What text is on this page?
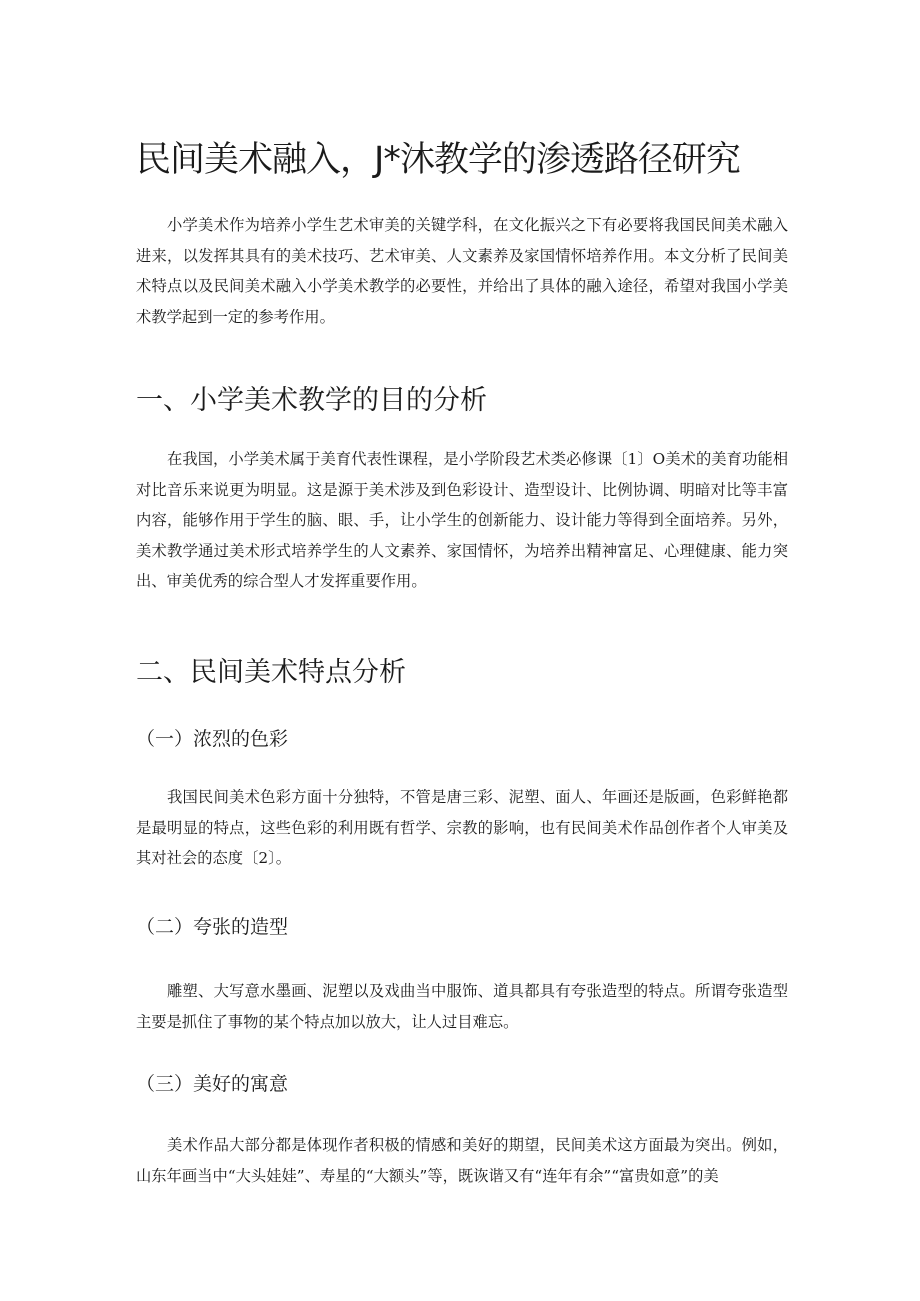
民间美术融入，J*沐教学的渗透路径研究

小学美术作为培养小学生艺术审美的关键学科，在文化振兴之下有必要将我国民间美术融入进来，以发挥其具有的美术技巧、艺术审美、人文素养及家国情怀培养作用。本文分析了民间美术特点以及民间美术融入小学美术教学的必要性，并给出了具体的融入途径，希望对我国小学美术教学起到一定的参考作用。

一、小学美术教学的目的分析

在我国，小学美术属于美育代表性课程，是小学阶段艺术类必修课〔1〕O美术的美育功能相对比音乐来说更为明显。这是源于美术涉及到色彩设计、造型设计、比例协调、明暗对比等丰富内容，能够作用于学生的脑、眼、手，让小学生的创新能力、设计能力等得到全面培养。另外，美术教学通过美术形式培养学生的人文素养、家国情怀，为培养出精神富足、心理健康、能力突出、审美优秀的综合型人才发挥重要作用。

二、民间美术特点分析
（一）浓烈的色彩

我国民间美术色彩方面十分独特，不管是唐三彩、泥塑、面人、年画还是版画，色彩鲜艳都是最明显的特点，这些色彩的利用既有哲学、宗教的影响，也有民间美术作品创作者个人审美及其对社会的态度〔2〕。

（二）夸张的造型

雕塑、大写意水墨画、泥塑以及戏曲当中服饰、道具都具有夸张造型的特点。所谓夸张造型主要是抓住了事物的某个特点加以放大，让人过目难忘。

（三）美好的寓意

美术作品大部分都是体现作者积极的情感和美好的期望，民间美术这方面最为突出。例如，山东年画当中“大头娃娃”、寿星的“大额头”等，既诙谐又有“连年有余”“富贵如意”的美
